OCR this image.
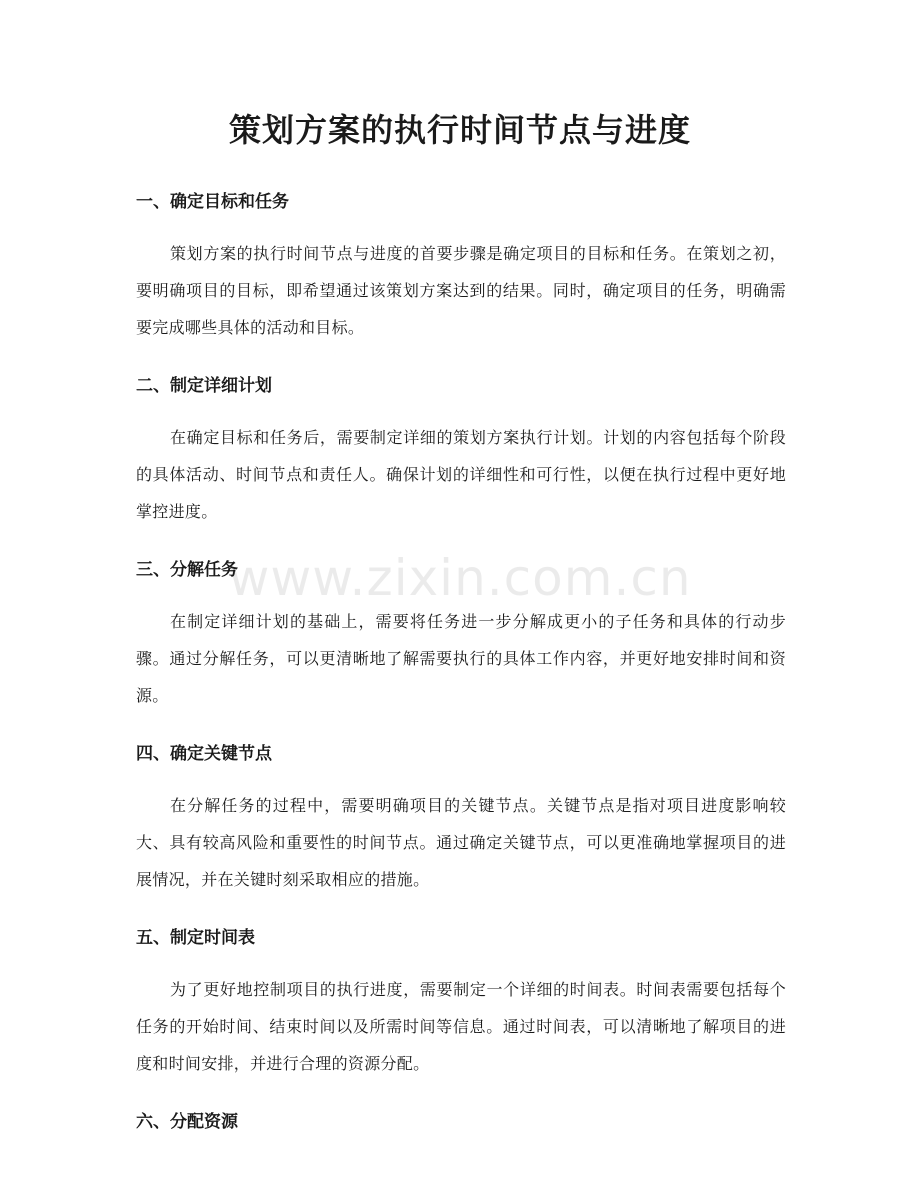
策划方案的执行时间节点与进度
一、确定目标和任务

策划方案的执行时间节点与进度的首要步骤是确定项目的目标和任务。在策划之初，要明确项目的目标，即希望通过该策划方案达到的结果。同时，确定项目的任务，明确需要完成哪些具体的活动和目标。

二、制定详细计划

在确定目标和任务后，需要制定详细的策划方案执行计划。计划的内容包括每个阶段的具体活动、时间节点和责任人。确保计划的详细性和可行性，以便在执行过程中更好地掌控进度。

三、分解任务

在制定详细计划的基础上，需要将任务进一步分解成更小的子任务和具体的行动步骤。通过分解任务，可以更清晰地了解需要执行的具体工作内容，并更好地安排时间和资源。

四、确定关键节点

在分解任务的过程中，需要明确项目的关键节点。关键节点是指对项目进度影响较大、具有较高风险和重要性的时间节点。通过确定关键节点，可以更准确地掌握项目的进展情况，并在关键时刻采取相应的措施。

五、制定时间表

为了更好地控制项目的执行进度，需要制定一个详细的时间表。时间表需要包括每个任务的开始时间、结束时间以及所需时间等信息。通过时间表，可以清晰地了解项目的进度和时间安排，并进行合理的资源分配。

六、分配资源
www.zixin.com.cn
